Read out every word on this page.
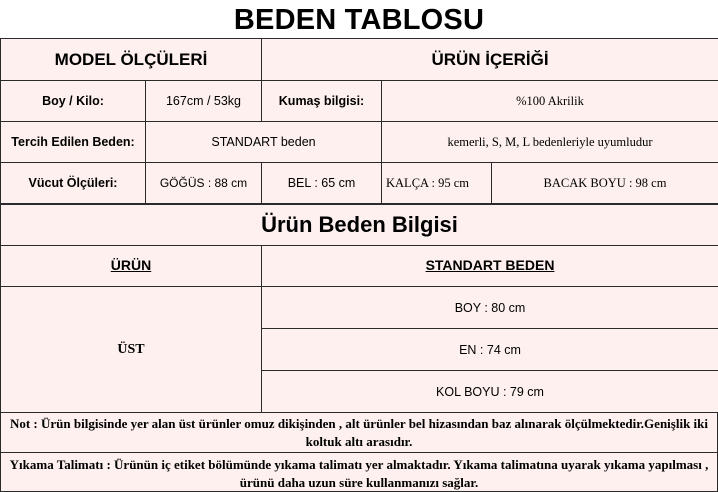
BEDEN TABLOSU
MODEL ÖLÇÜLERİ		ÜRÜN İÇERİĞİ		
Boy / Kilo:	167cm / 53kg	Kumaş bilgisi:	%100 Akrilik	
Tercih Edilen Beden:	STANDART beden		kemerli, S, M, L bedenleriyle uyumludur	
Vücut Ölçüleri:	GÖĞÜS : 88 cm	BEL : 65 cm	KALÇA : 95 cm	BACAK BOYU : 98 cm
Ürün Beden Bilgisi	
ÜRÜN	STANDART BEDEN
ÜST	BOY : 80 cm
	EN : 74 cm
	KOL BOYU : 79 cm
Not : Ürün bilgisinde yer alan üst ürünler omuz dikişinden , alt ürünler bel hizasından baz alınarak ölçülmektedir.Genişlik iki koltuk altı arasıdır.
Yıkama Talimatı : Ürünün iç etiket bölümünde yıkama talimatı yer almaktadır. Yıkama talimatına uyarak yıkama yapılması , ürünü daha uzun süre kullanmanızı sağlar.
